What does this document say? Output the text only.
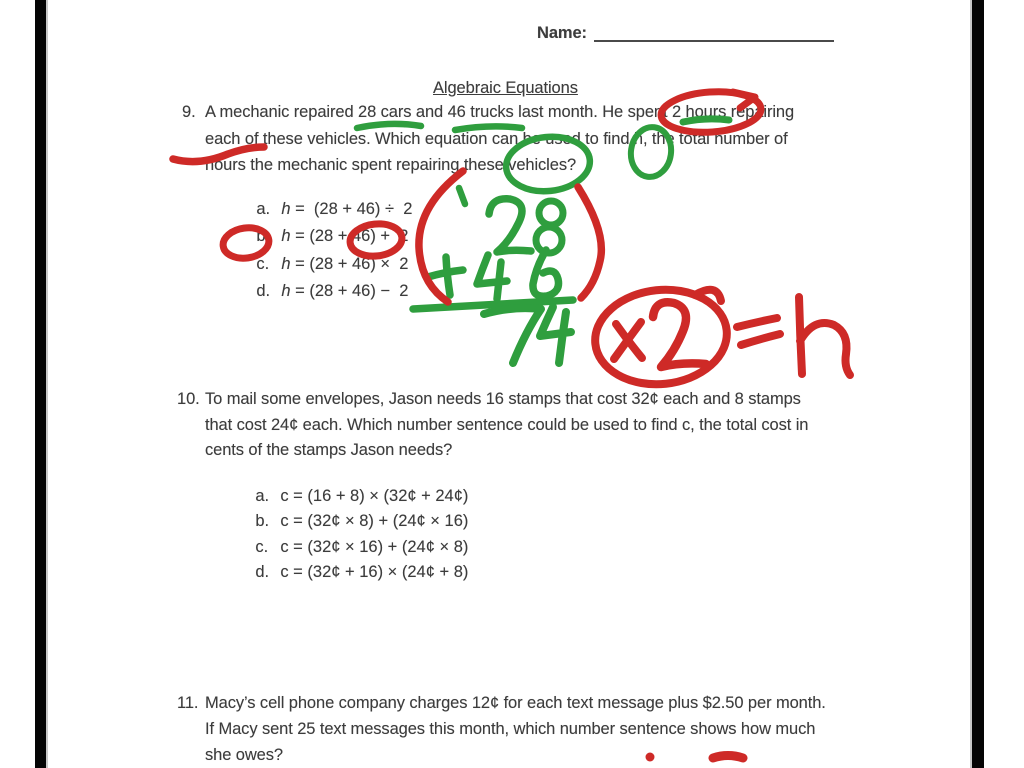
Name:
Algebraic Equations
9. A mechanic repaired 28 cars and 46 trucks last month. He spent 2 hours repairing
each of these vehicles. Which equation can be used to find h, the total number of
hours the mechanic spent repairing these vehicles?

a. h =  (28 + 46) ÷  2

b. h = (28 + 46) +  2

c. h = (28 + 46) ×  2

d. h = (28 + 46) −  2

10. To mail some envelopes, Jason needs 16 stamps that cost 32¢ each and 8 stamps
that cost 24¢ each. Which number sentence could be used to find c, the total cost in
cents of the stamps Jason needs?

a. c = (16 + 8) × (32¢ + 24¢)

b. c = (32¢ × 8) + (24¢ × 16)

c. c = (32¢ × 16) + (24¢ × 8)

d. c = (32¢ + 16) × (24¢ + 8)

11. Macy’s cell phone company charges 12¢ for each text message plus $2.50 per month.
If Macy sent 25 text messages this month, which number sentence shows how much
she owes?
